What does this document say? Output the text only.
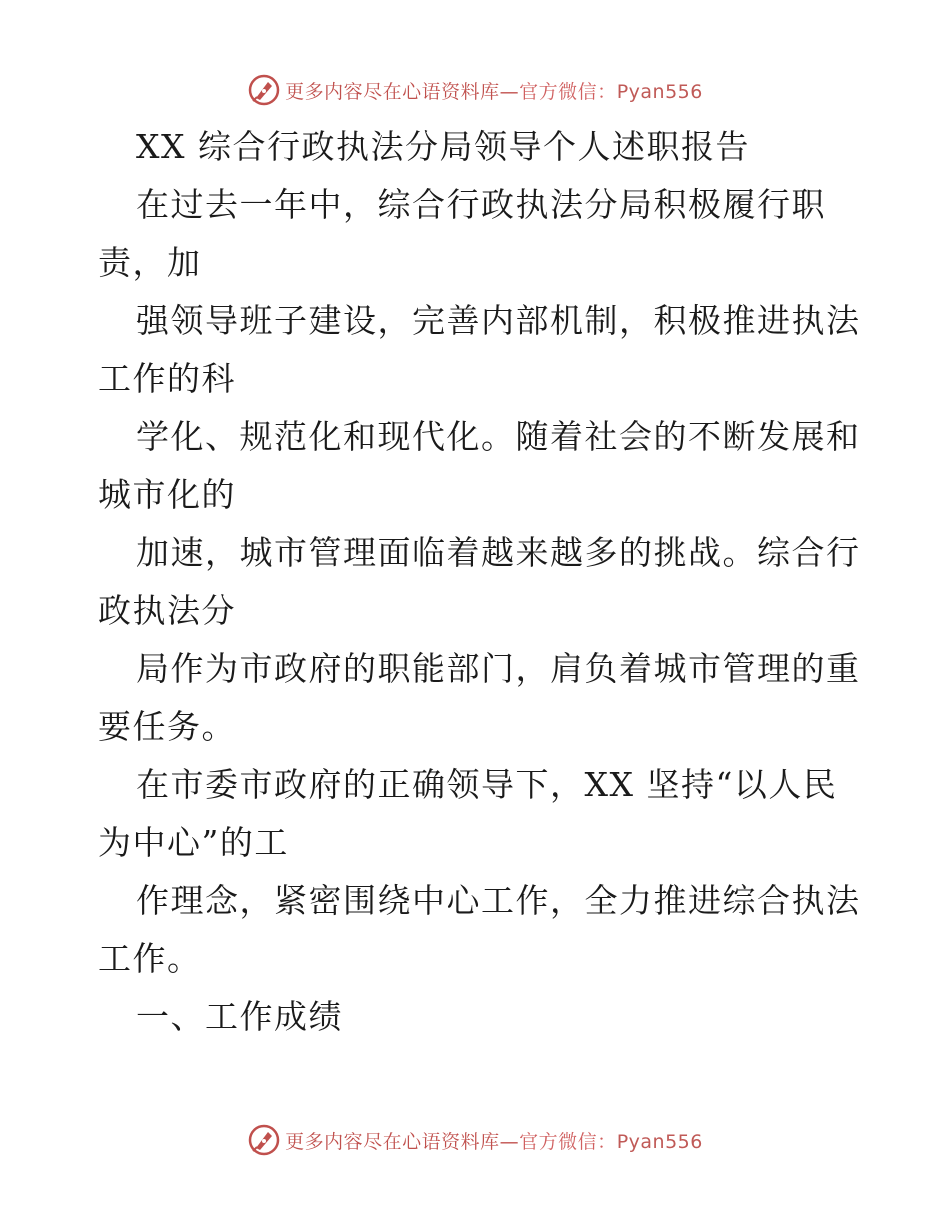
更多内容尽在心语资料库—官方微信：Pyan556
XX 综合行政执法分局领导个人述职报告
在过去一年中，综合行政执法分局积极履行职
责，加
强领导班子建设，完善内部机制，积极推进执法
工作的科
学化、规范化和现代化。随着社会的不断发展和
城市化的
加速，城市管理面临着越来越多的挑战。综合行
政执法分
局作为市政府的职能部门，肩负着城市管理的重
要任务。
在市委市政府的正确领导下，XX 坚持“以人民
为中心”的工
作理念，紧密围绕中心工作，全力推进综合执法
工作。
一、工作成绩
更多内容尽在心语资料库—官方微信：Pyan556
